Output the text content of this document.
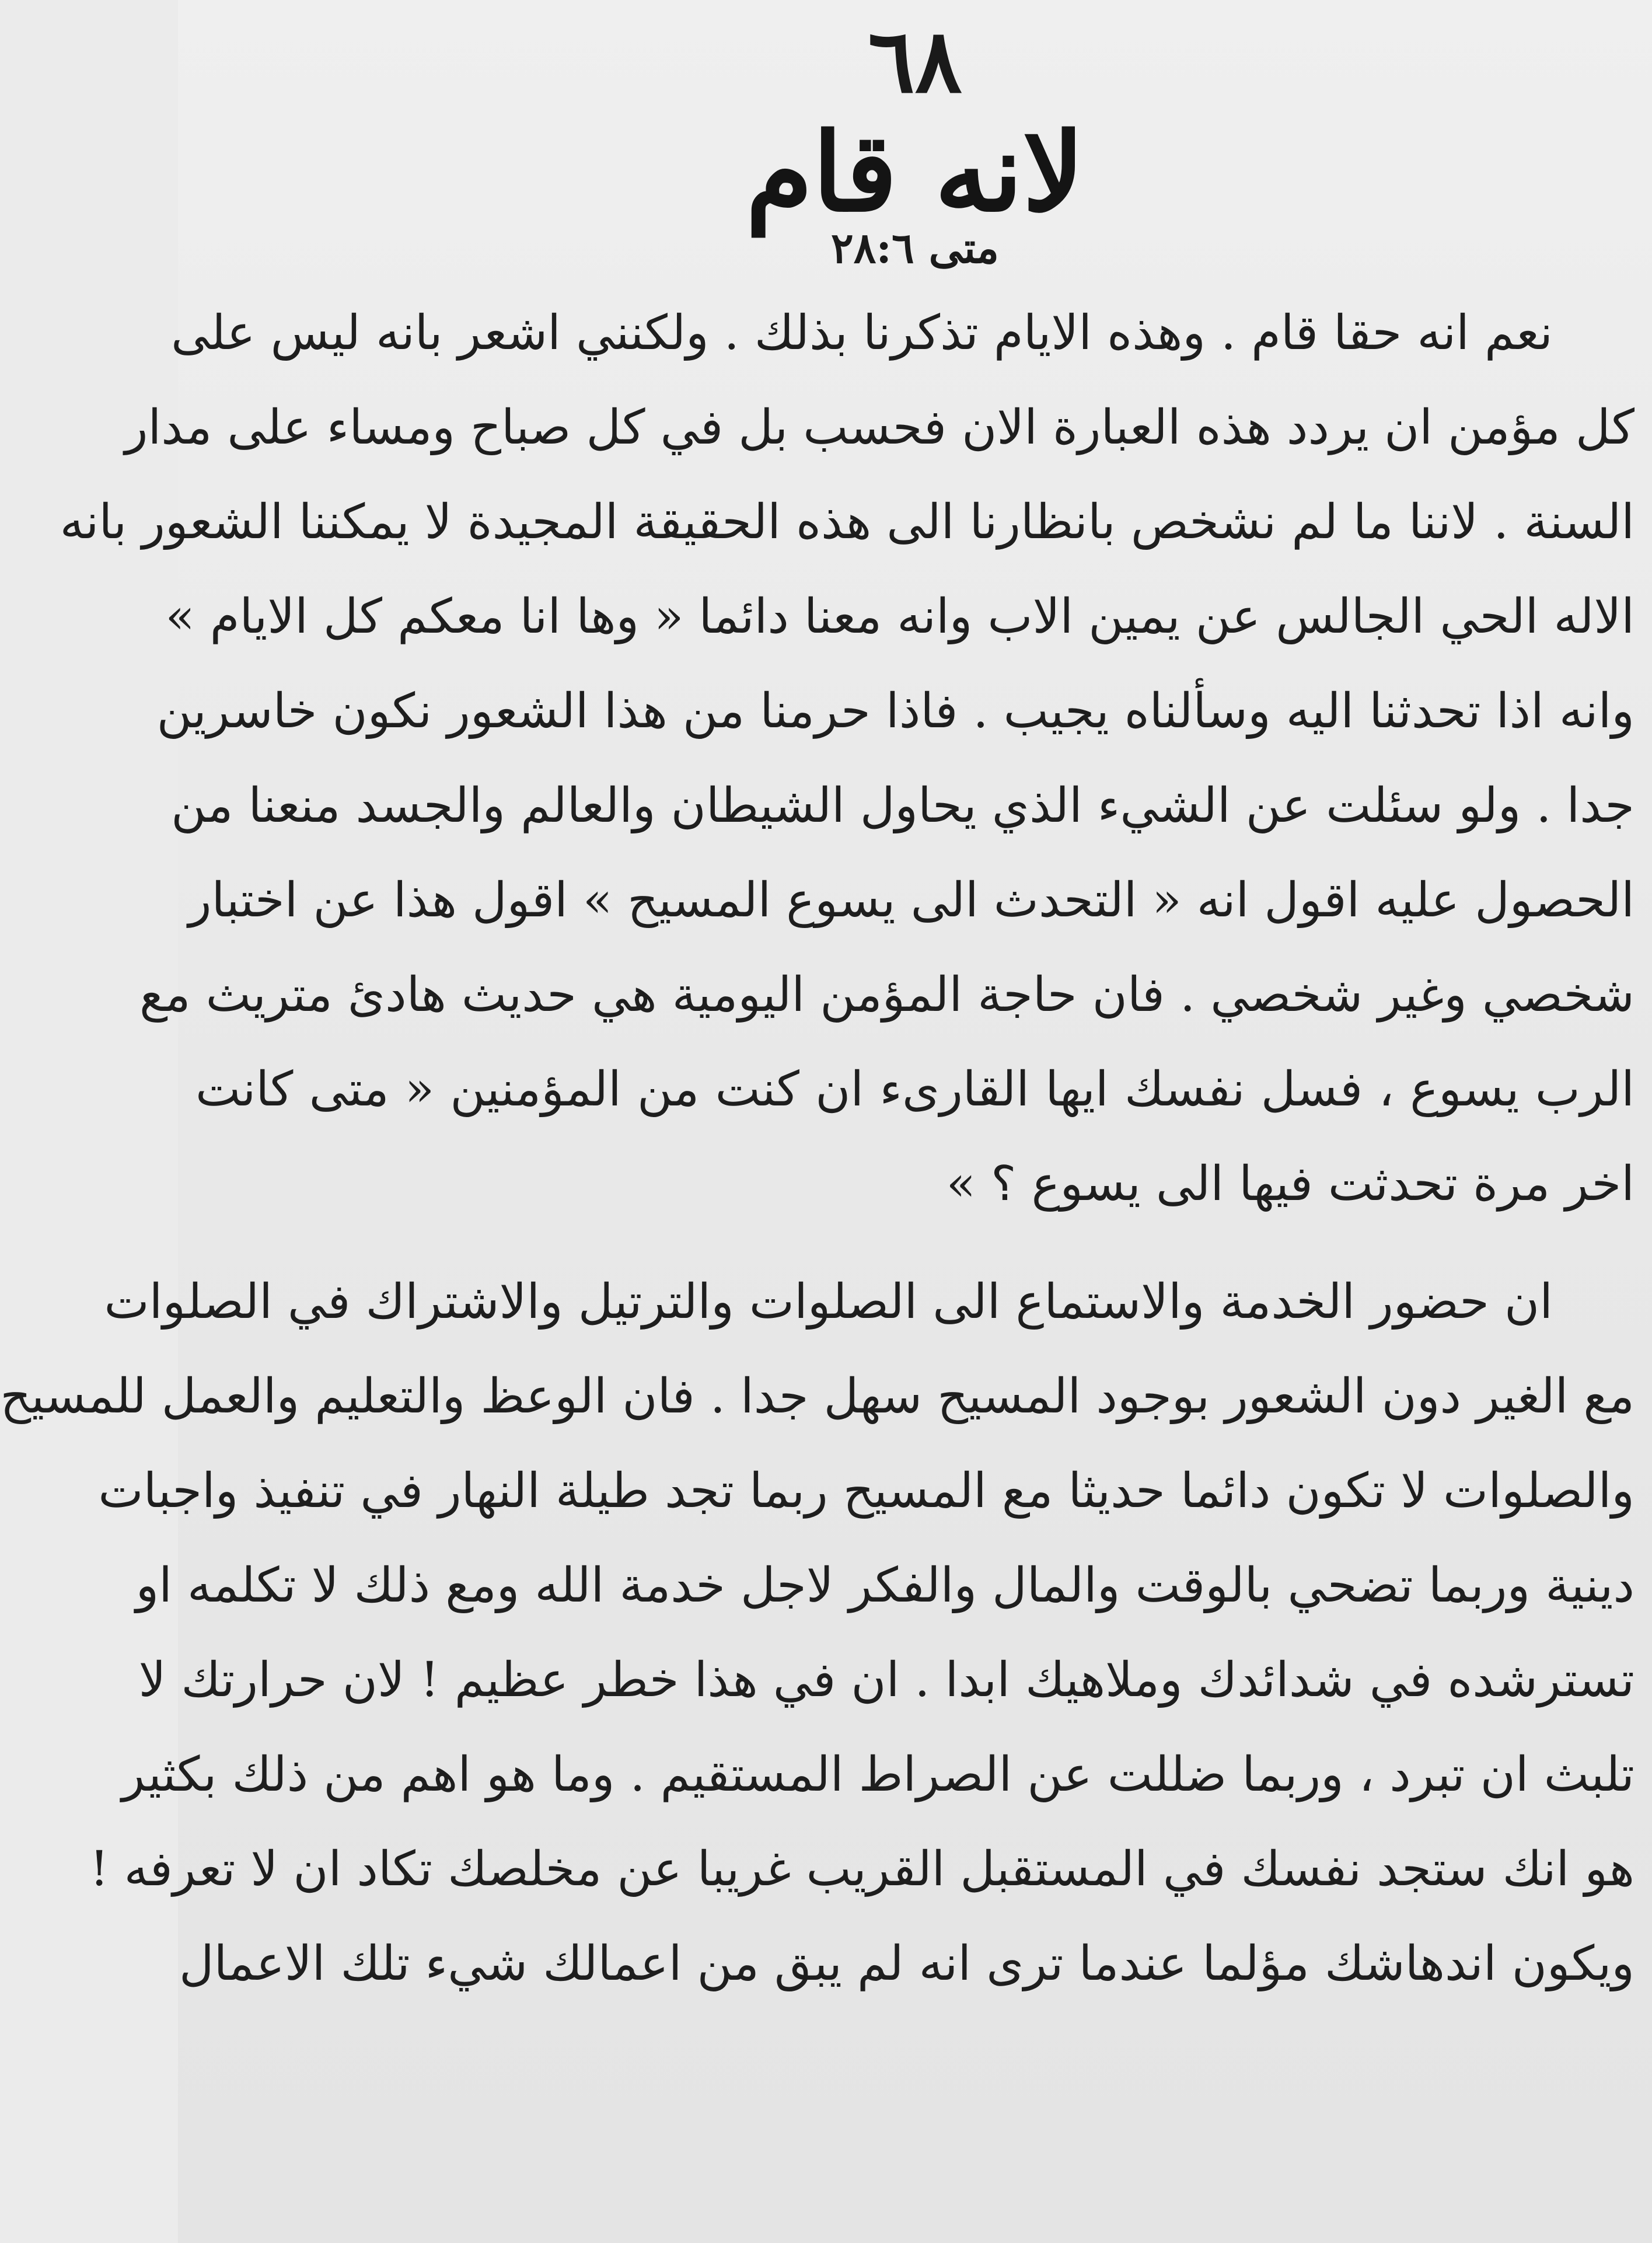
٦٨
لانه قام
متى ٢٨:٦
نعم انه حقا قام . وهذه الايام تذكرنا بذلك . ولكنني اشعر بانه ليس على
كل مؤمن ان يردد هذه العبارة الان فحسب بل في كل صباح ومساء على مدار
السنة . لاننا ما لم نشخص بانظارنا الى هذه الحقيقة المجيدة لا يمكننا الشعور بانه
الاله الحي الجالس عن يمين الاب وانه معنا دائما « وها انا معكم كل الايام »
وانه اذا تحدثنا اليه وسألناه يجيب . فاذا حرمنا من هذا الشعور نكون خاسرين
جدا . ولو سئلت عن الشيء الذي يحاول الشيطان والعالم والجسد منعنا من
الحصول عليه اقول انه « التحدث الى يسوع المسيح » اقول هذا عن اختبار
شخصي وغير شخصي . فان حاجة المؤمن اليومية هي حديث هادئ متريث مع
الرب يسوع ، فسل نفسك ايها القارىء ان كنت من المؤمنين « متى كانت
اخر مرة تحدثت فيها الى يسوع ؟ »
ان حضور الخدمة والاستماع الى الصلوات والترتيل والاشتراك في الصلوات
مع الغير دون الشعور بوجود المسيح سهل جدا . فان الوعظ والتعليم والعمل للمسيح
والصلوات لا تكون دائما حديثا مع المسيح ربما تجد طيلة النهار في تنفيذ واجبات
دينية وربما تضحي بالوقت والمال والفكر لاجل خدمة الله ومع ذلك لا تكلمه او
تسترشده في شدائدك وملاهيك ابدا . ان في هذا خطر عظيم ! لان حرارتك لا
تلبث ان تبرد ، وربما ضللت عن الصراط المستقيم . وما هو اهم من ذلك بكثير
هو انك ستجد نفسك في المستقبل القريب غريبا عن مخلصك تكاد ان لا تعرفه !
ويكون اندهاشك مؤلما عندما ترى انه لم يبق من اعمالك شيء تلك الاعمال
